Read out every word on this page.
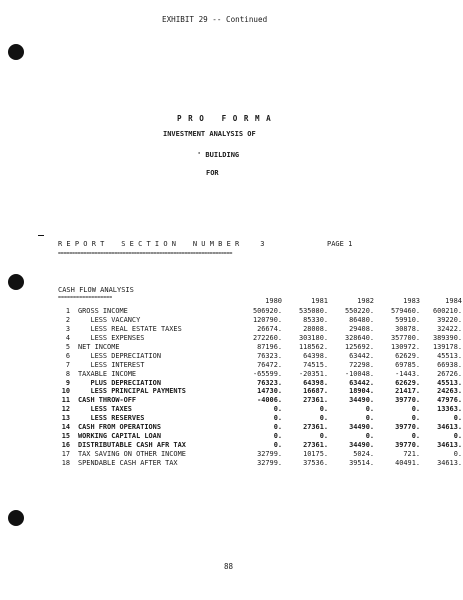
EXHIBIT 29 -- Continued
P R O   F O R M A
INVESTMENT ANALYSIS OF
' BUILDING
FOR
R E P O R T    S E C T I O N    N U M B E R     3	PAGE 1
==============================================================
CASH FLOW ANALYSIS
==================	1980	1981	1982	1983	1984
1 GROSS INCOME	506920.	535080.	550220.	579460.	600210.
2 LESS VACANCY	120790.	85330.	86480.	59910.	39220.
3 LESS REAL ESTATE TAXES	26674.	28008.	29408.	30878.	32422.
4 LESS EXPENSES	272260.	303180.	328640.	357700.	389390.
5 NET INCOME	87196.	118562.	125692.	130972.	139178.
6 LESS DEPRECIATION	76323.	64398.	63442.	62629.	45513.
7 LESS INTEREST	76472.	74515.	72298.	69785.	66938.
8 TAXABLE INCOME	-65599.	-20351.	-10048.	-1443.	26726.
9 PLUS DEPRECIATION	76323.	64398.	63442.	62629.	45513.
10 LESS PRINCIPAL PAYMENTS	14730.	16687.	18904.	21417.	24263.
11 CASH THROW-OFF	-4006.	27361.	34490.	39770.	47976.
12 LESS TAXES	0.	0.	0.	0.	13363.
13 LESS RESERVES	0.	0.	0.	0.	0.
14 CASH FROM OPERATIONS	0.	27361.	34490.	39770.	34613.
15 WORKING CAPITAL LOAN	0.	0.	0.	0.	0.
16 DISTRIBUTABLE CASH AFR TAX	0.	27361.	34490.	39770.	34613.
17 TAX SAVING ON OTHER INCOME	32799.	10175.	5024.	721.	0.
18 SPENDABLE CASH AFTER TAX	32799.	37536.	39514.	40491.	34613.
88
